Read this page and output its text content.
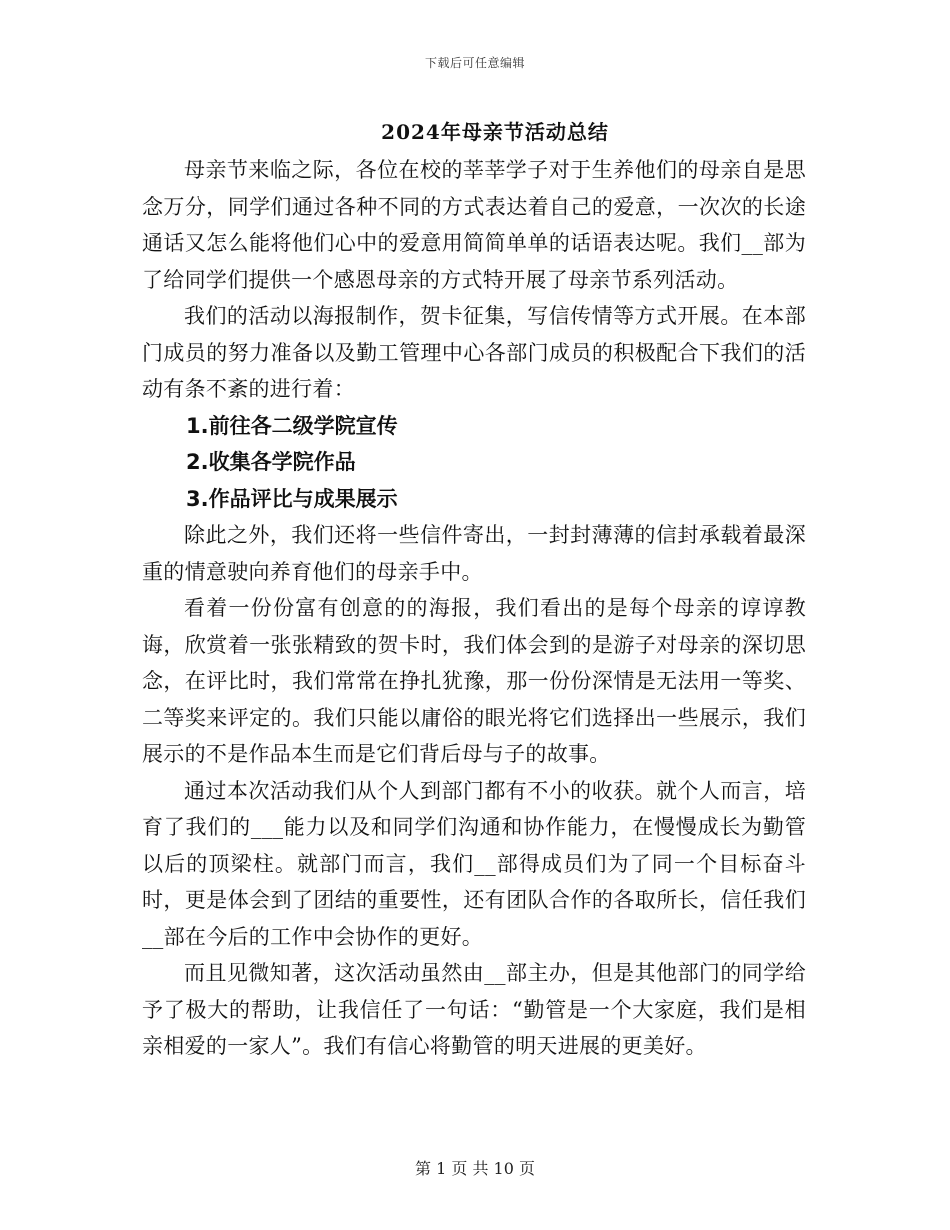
下载后可任意编辑
2024年母亲节活动总结

母亲节来临之际，各位在校的莘莘学子对于生养他们的母亲自是思念万分，同学们通过各种不同的方式表达着自己的爱意，一次次的长途通话又怎么能将他们心中的爱意用简简单单的话语表达呢。我们__部为了给同学们提供一个感恩母亲的方式特开展了母亲节系列活动。

我们的活动以海报制作，贺卡征集，写信传情等方式开展。在本部门成员的努力准备以及勤工管理中心各部门成员的积极配合下我们的活动有条不紊的进行着：

1.前往各二级学院宣传

2.收集各学院作品

3.作品评比与成果展示

除此之外，我们还将一些信件寄出，一封封薄薄的信封承载着最深重的情意驶向养育他们的母亲手中。

看着一份份富有创意的的海报，我们看出的是每个母亲的谆谆教诲，欣赏着一张张精致的贺卡时，我们体会到的是游子对母亲的深切思念，在评比时，我们常常在挣扎犹豫，那一份份深情是无法用一等奖、二等奖来评定的。我们只能以庸俗的眼光将它们选择出一些展示，我们展示的不是作品本生而是它们背后母与子的故事。

通过本次活动我们从个人到部门都有不小的收获。就个人而言，培育了我们的___能力以及和同学们沟通和协作能力，在慢慢成长为勤管以后的顶梁柱。就部门而言，我们__部得成员们为了同一个目标奋斗时，更是体会到了团结的重要性，还有团队合作的各取所长，信任我们__部在今后的工作中会协作的更好。

而且见微知著，这次活动虽然由__部主办，但是其他部门的同学给予了极大的帮助，让我信任了一句话：“勤管是一个大家庭，我们是相亲相爱的一家人”。我们有信心将勤管的明天进展的更美好。

第 1 页 共 10 页
